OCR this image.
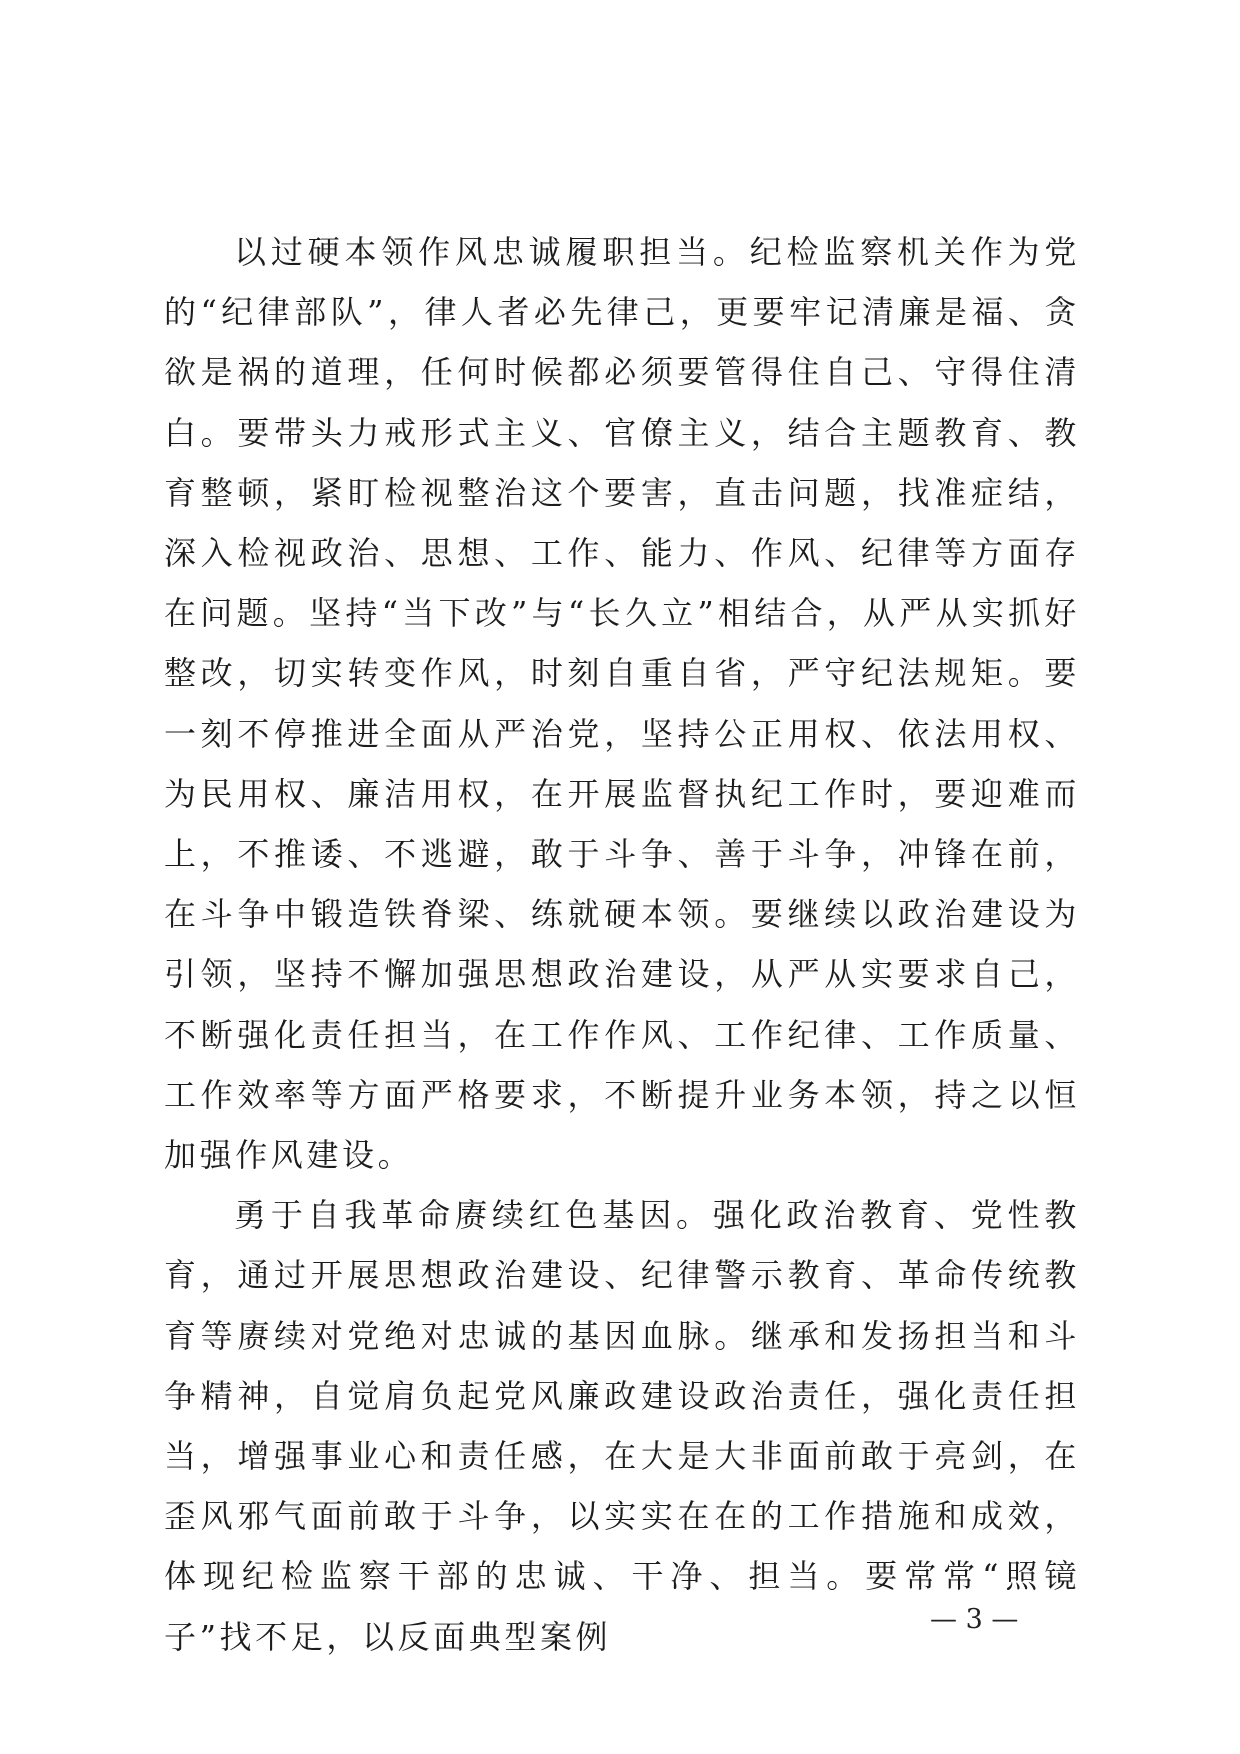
以过硬本领作风忠诚履职担当。纪检监察机关作为党的“纪律部队”，律人者必先律己，更要牢记清廉是福、贪欲是祸的道理，任何时候都必须要管得住自己、守得住清白。要带头力戒形式主义、官僚主义，结合主题教育、教育整顿，紧盯检视整治这个要害，直击问题，找准症结，深入检视政治、思想、工作、能力、作风、纪律等方面存在问题。坚持“当下改”与“长久立”相结合，从严从实抓好整改，切实转变作风，时刻自重自省，严守纪法规矩。要一刻不停推进全面从严治党，坚持公正用权、依法用权、为民用权、廉洁用权，在开展监督执纪工作时，要迎难而上，不推诿、不逃避，敢于斗争、善于斗争，冲锋在前，在斗争中锻造铁脊梁、练就硬本领。要继续以政治建设为引领，坚持不懈加强思想政治建设，从严从实要求自己，不断强化责任担当，在工作作风、工作纪律、工作质量、工作效率等方面严格要求，不断提升业务本领，持之以恒加强作风建设。

勇于自我革命赓续红色基因。强化政治教育、党性教育，通过开展思想政治建设、纪律警示教育、革命传统教育等赓续对党绝对忠诚的基因血脉。继承和发扬担当和斗争精神，自觉肩负起党风廉政建设政治责任，强化责任担当，增强事业心和责任感，在大是大非面前敢于亮剑，在歪风邪气面前敢于斗争，以实实在在的工作措施和成效，体现纪检监察干部的忠诚、干净、担当。要常常“照镜子”找不足，以反面典型案例	— 3 —
